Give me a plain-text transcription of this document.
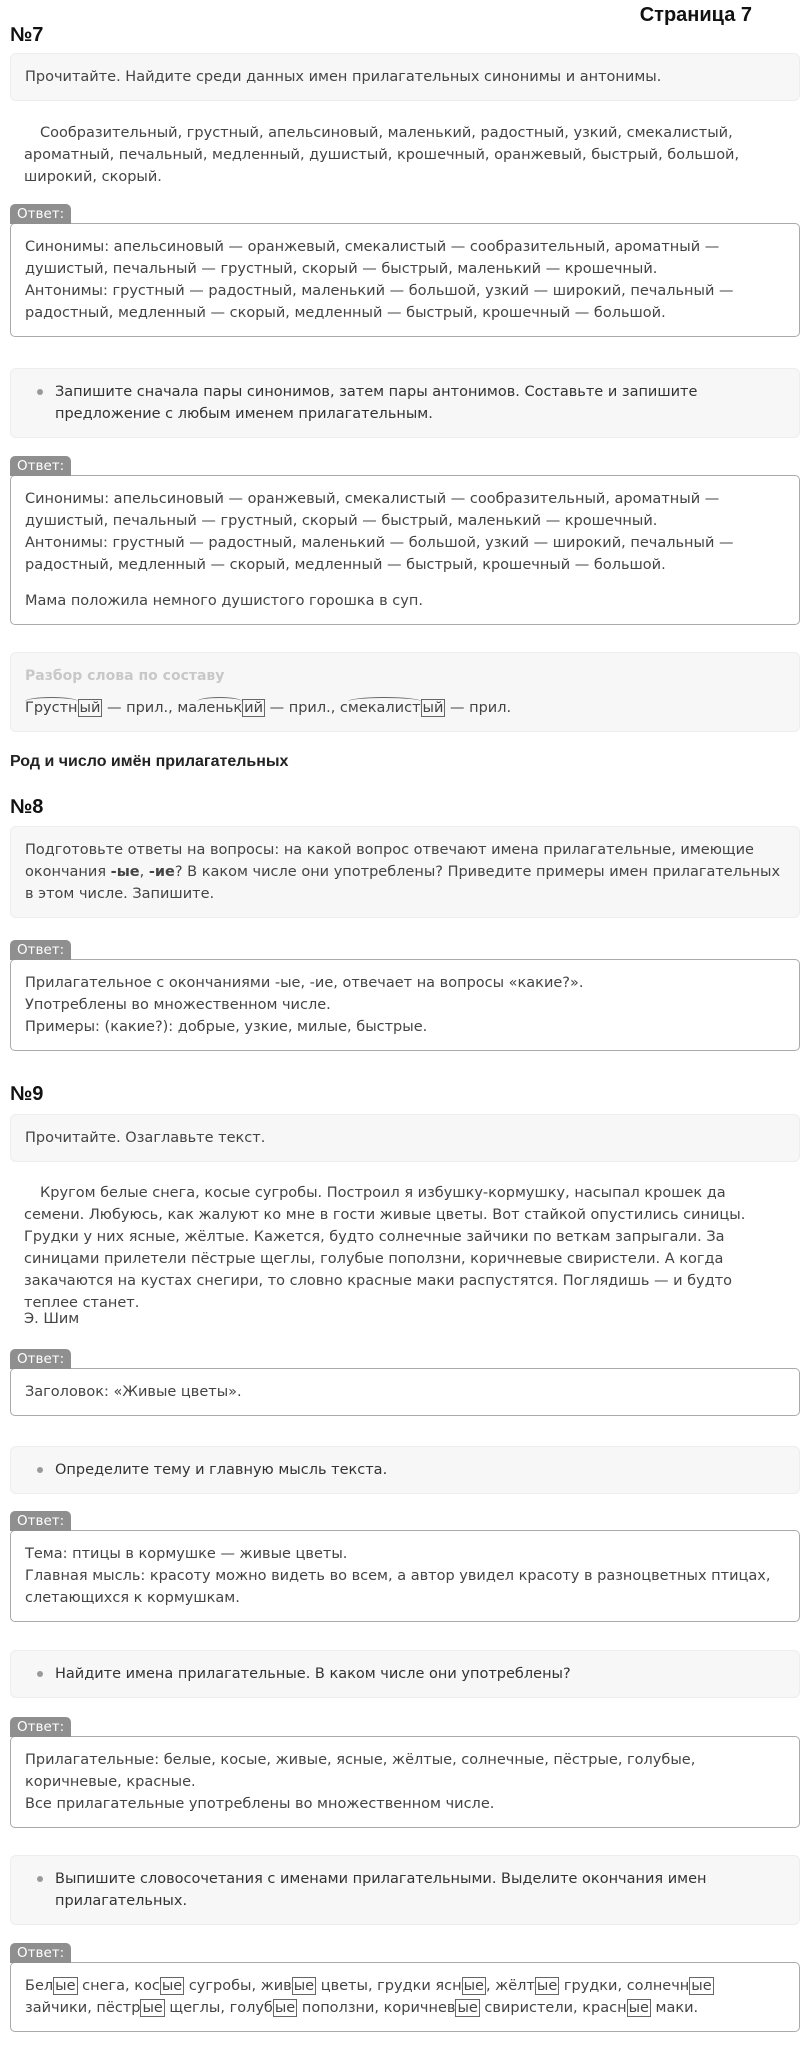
Страница 7
№7
Прочитайте. Найдите среди данных имен прилагательных синонимы и антонимы.
Сообразительный, грустный, апельсиновый, маленький, радостный, узкий, смекалистый, ароматный, печальный, медленный, душистый, крошечный, оранжевый, быстрый, большой, широкий, скорый.
Ответ:
Синонимы: апельсиновый — оранжевый, смекалистый — сообразительный, ароматный — душистый, печальный — грустный, скорый — быстрый, маленький — крошечный.
Антонимы: грустный — радостный, маленький — большой, узкий — широкий, печальный — радостный, медленный — скорый, медленный — быстрый, крошечный — большой.
Запишите сначала пары синонимов, затем пары антонимов. Составьте и запишите предложение с любым именем прилагательным.
Ответ:
Синонимы: апельсиновый — оранжевый, смекалистый — сообразительный, ароматный — душистый, печальный — грустный, скорый — быстрый, маленький — крошечный.
Антонимы: грустный — радостный, маленький — большой, узкий — широкий, печальный — радостный, медленный — скорый, медленный — быстрый, крошечный — большой.
Мама положила немного душистого горошка в суп.
Разбор слова по составу
Грустн ый — прил., маленьк ий — прил., смекалист ый — прил.
Род и число имён прилагательных
№8
Подготовьте ответы на вопросы: на какой вопрос отвечают имена прилагательные, имеющие окончания -ые, -ие? В каком числе они употреблены? Приведите примеры имен прилагательных в этом числе. Запишите.
Ответ:
Прилагательное с окончаниями -ые, -ие, отвечает на вопросы «какие?».
Употреблены во множественном числе.
Примеры: (какие?): добрые, узкие, милые, быстрые.
№9
Прочитайте. Озаглавьте текст.
Кругом белые снега, косые сугробы. Построил я избушку-кормушку, насыпал крошек да семени. Любуюсь, как жалуют ко мне в гости живые цветы. Вот стайкой опустились синицы. Грудки у них ясные, жёлтые. Кажется, будто солнечные зайчики по веткам запрыгали. За синицами прилетели пёстрые щеглы, голубые поползни, коричневые свиристели. А когда закачаются на кустах снегири, то словно красные маки распустятся. Поглядишь — и будто теплее станет.
Э. Шим
Ответ:
Заголовок: «Живые цветы».
Определите тему и главную мысль текста.
Ответ:
Тема: птицы в кормушке — живые цветы.
Главная мысль: красоту можно видеть во всем, а автор увидел красоту в разноцветных птицах, слетающихся к кормушкам.
Найдите имена прилагательные. В каком числе они употреблены?
Ответ:
Прилагательные: белые, косые, живые, ясные, жёлтые, солнечные, пёстрые, голубые, коричневые, красные.
Все прилагательные употреблены во множественном числе.
Выпишите словосочетания с именами прилагательными. Выделите окончания имен прилагательных.
Ответ:
Бел ые снега, кос ые сугробы, жив ые цветы, грудки ясн ые , жёлт ые грудки, солнечн ые зайчики, пёстр ые щеглы, голуб ые поползни, коричнев ые свиристели, красн ые маки.
